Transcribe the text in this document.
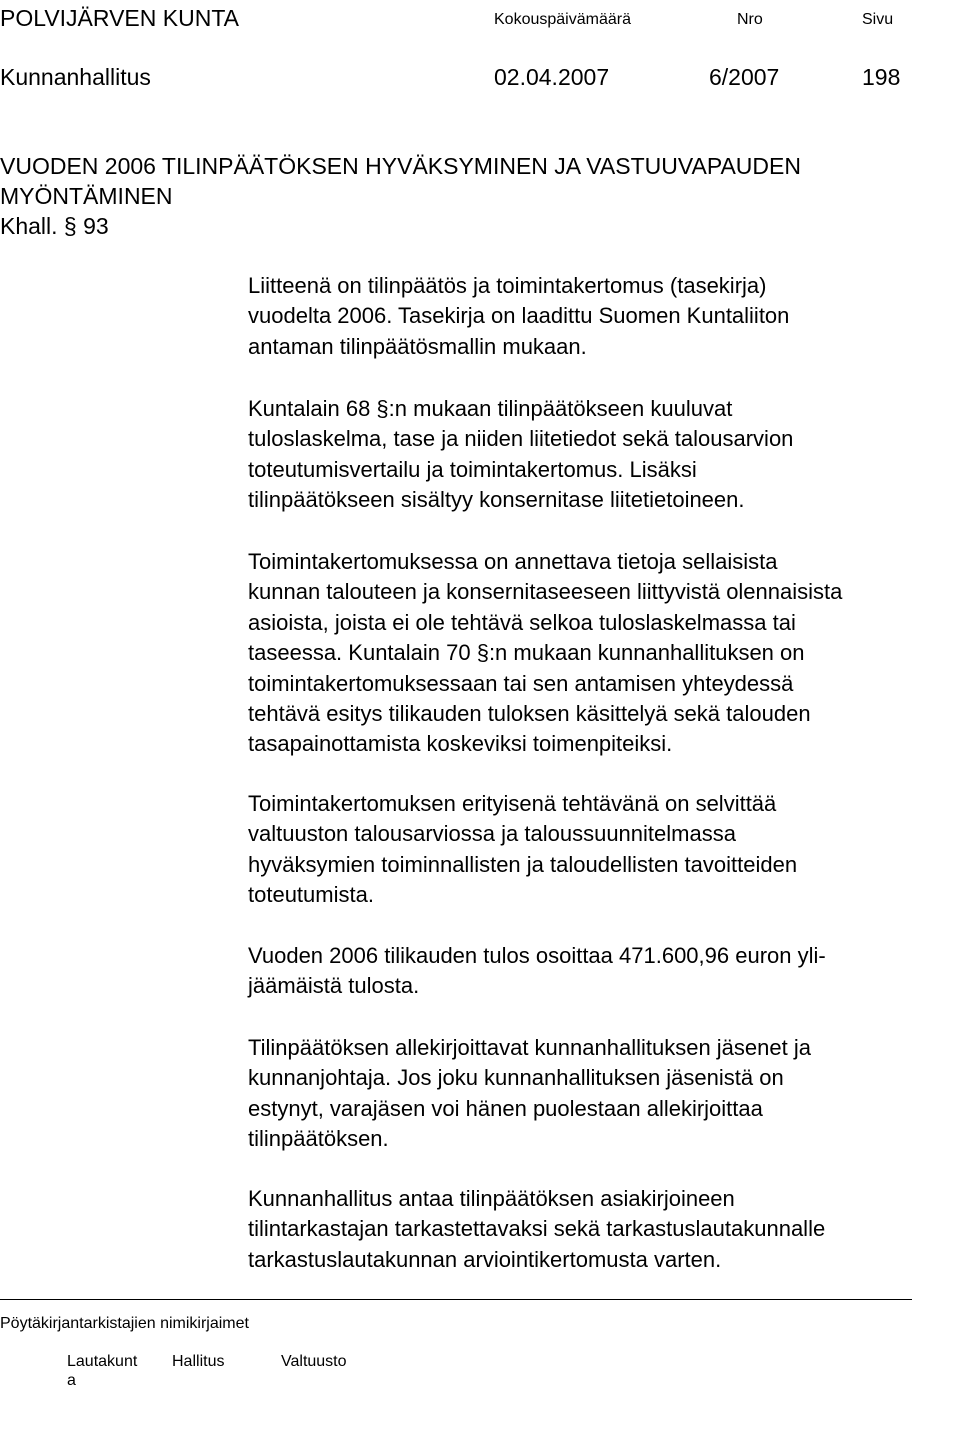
POLVIJÄRVEN KUNTA	Kokouspäivämäärä	Nro	Sivu
Kunnanhallitus	02.04.2007	6/2007	198
VUODEN 2006 TILINPÄÄTÖKSEN HYVÄKSYMINEN JA VASTUUVAPAUDEN
MYÖNTÄMINEN
Khall. § 93

Liitteenä on tilinpäätös ja toimintakertomus (tasekirja)
vuodelta 2006. Tasekirja on laadittu Suomen Kuntaliiton
antaman tilinpäätösmallin mukaan.

Kuntalain 68 §:n mukaan tilinpäätökseen kuuluvat
tuloslaskelma, tase ja niiden liitetiedot sekä talousarvion
toteutumisvertailu ja toimintakertomus. Lisäksi
tilinpäätökseen sisältyy konsernitase liitetietoineen.

Toimintakertomuksessa on annettava tietoja sellaisista
kunnan talouteen ja konsernitaseeseen liittyvistä olennaisista
asioista, joista ei ole tehtävä selkoa tuloslaskelmassa tai
taseessa. Kuntalain 70 §:n mukaan kunnanhallituksen on
toimintakertomuksessaan tai sen antamisen yhteydessä
tehtävä esitys tilikauden tuloksen käsittelyä sekä talouden
tasapainottamista koskeviksi toimenpiteiksi.

Toimintakertomuksen erityisenä tehtävänä on selvittää
valtuuston talousarviossa ja taloussuunnitelmassa
hyväksymien toiminnallisten ja taloudellisten tavoitteiden
toteutumista.

Vuoden 2006 tilikauden tulos osoittaa 471.600,96 euron yli-
jäämäistä tulosta.

Tilinpäätöksen allekirjoittavat kunnanhallituksen jäsenet ja
kunnanjohtaja. Jos joku kunnanhallituksen jäsenistä on
estynyt, varajäsen voi hänen puolestaan allekirjoittaa
tilinpäätöksen.

Kunnanhallitus antaa tilinpäätöksen asiakirjoineen
tilintarkastajan tarkastettavaksi sekä tarkastuslautakunnalle
tarkastuslautakunnan arviointikertomusta varten.

Pöytäkirjantarkistajien nimikirjaimet
Lautakunt
a
Hallitus	Valtuusto
